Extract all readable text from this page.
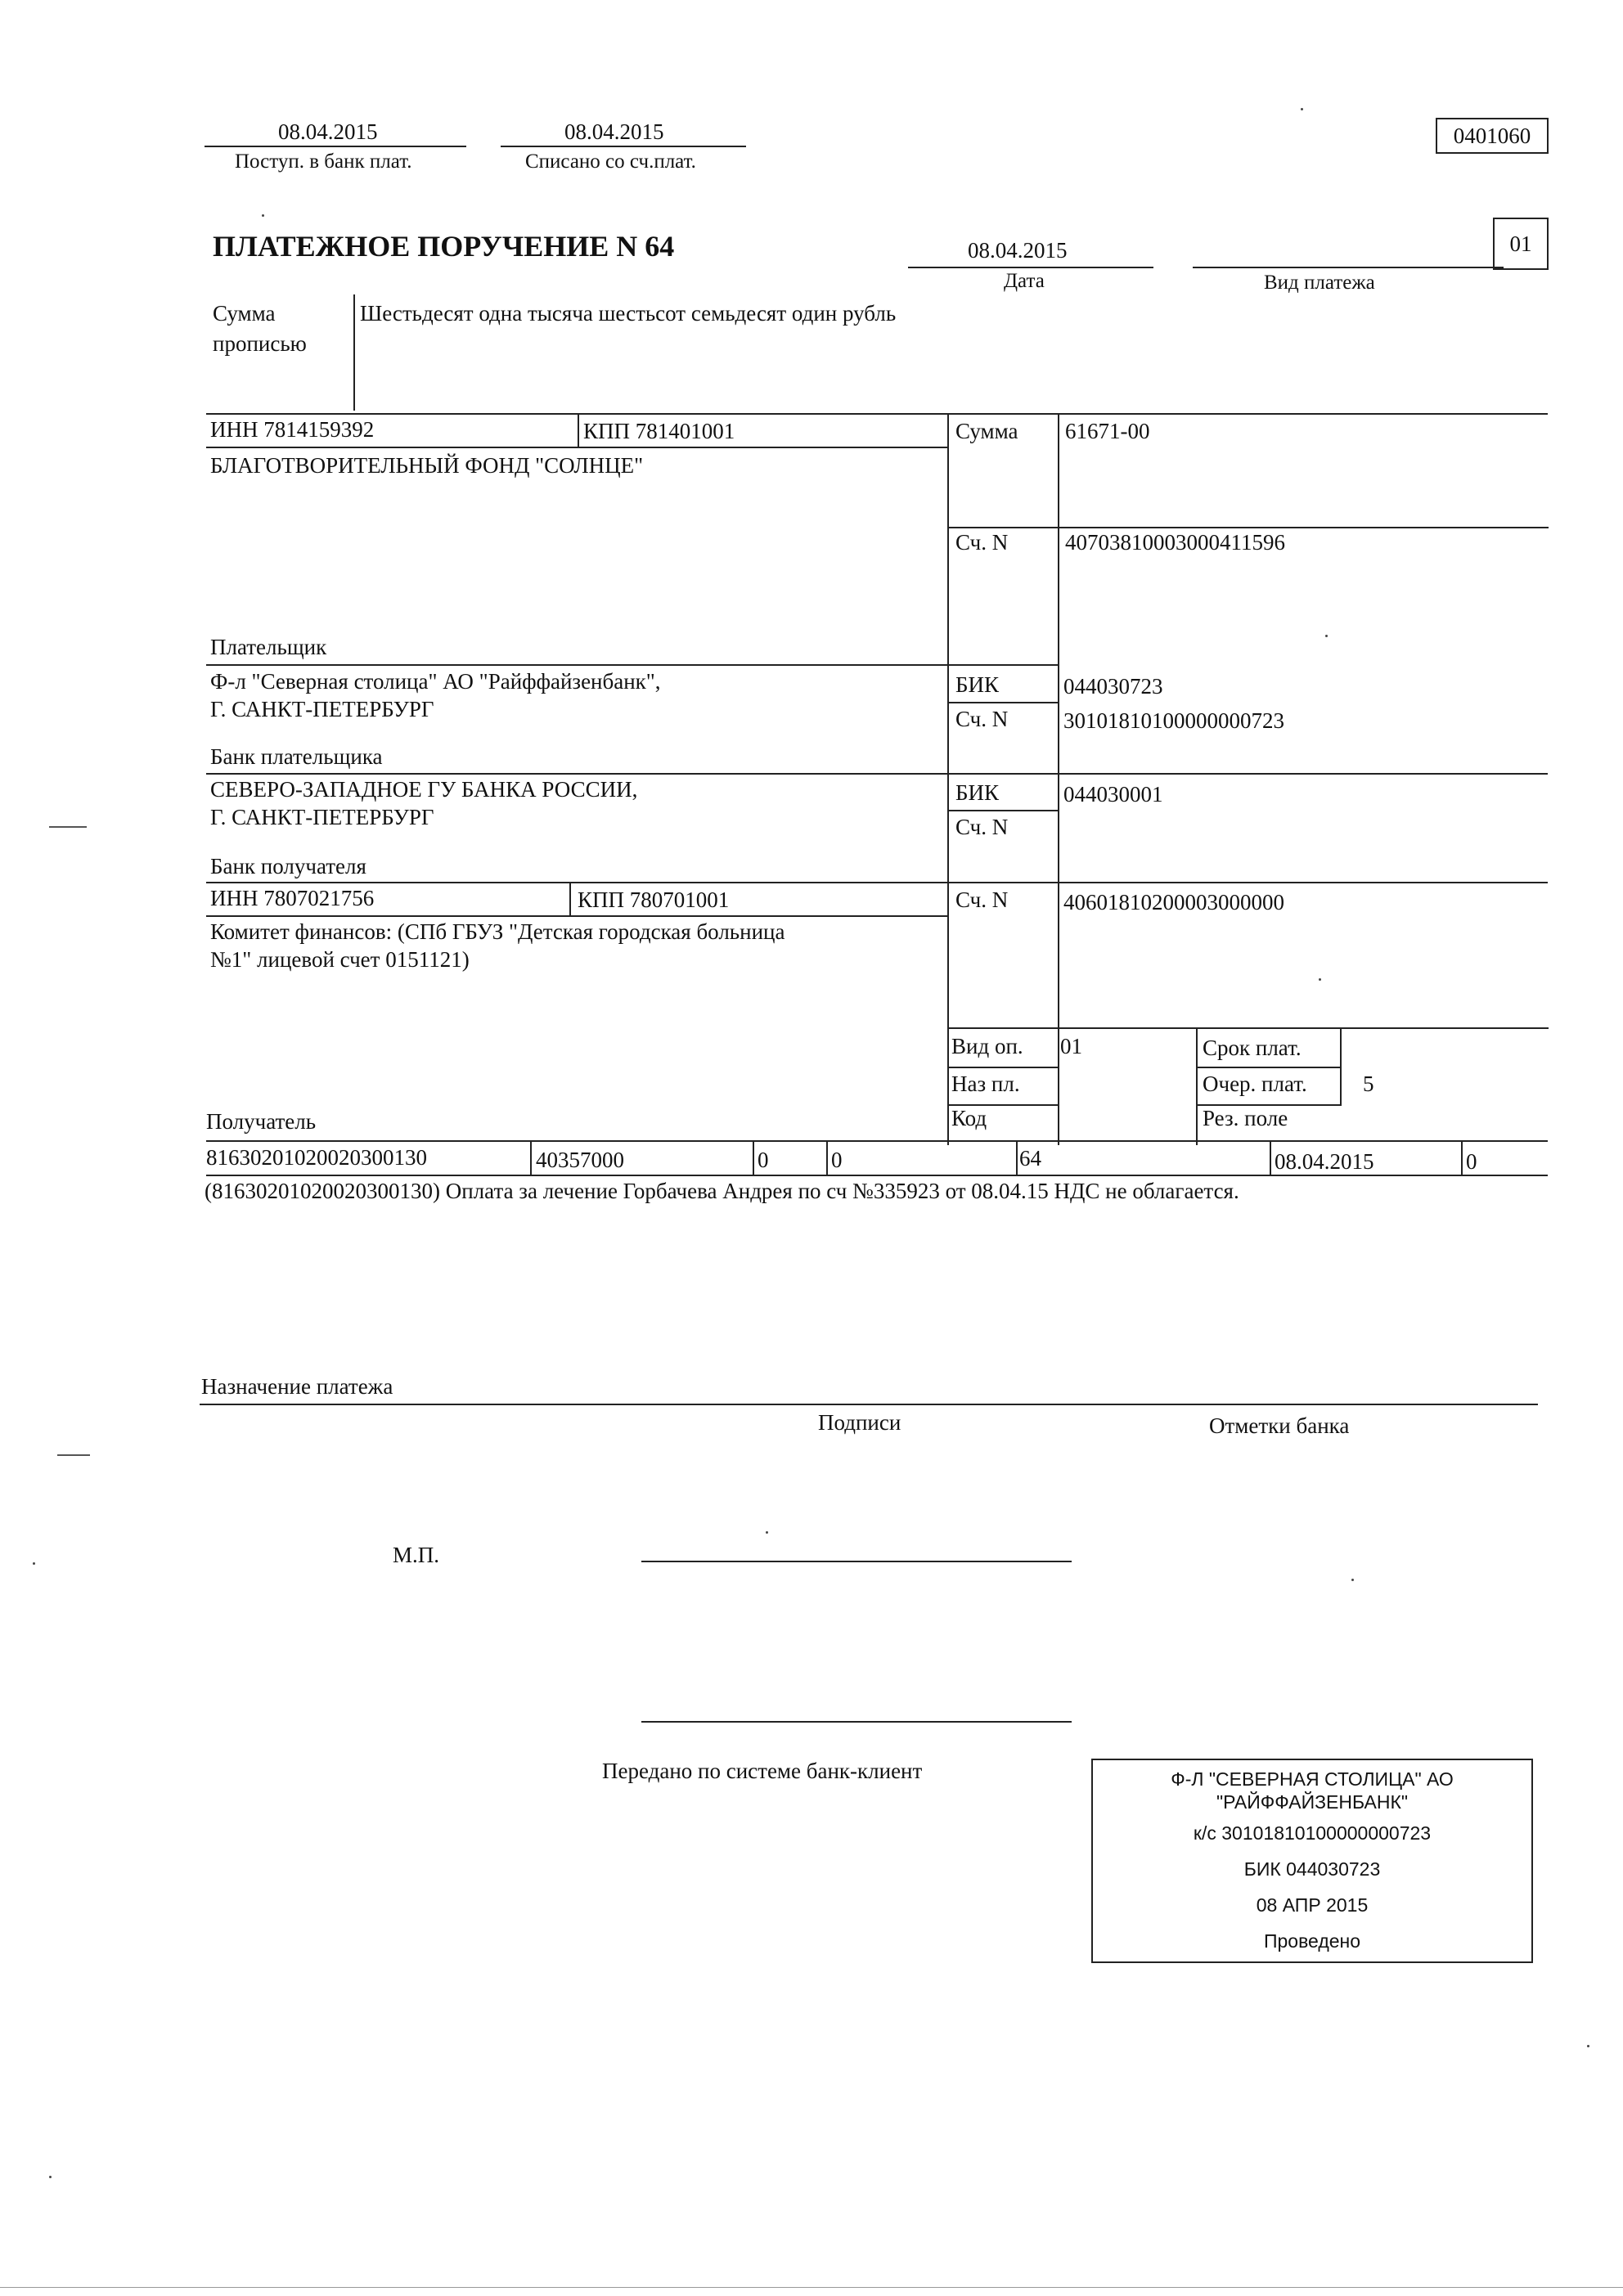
08.04.2015
Поступ. в банк плат.
08.04.2015
Списано со сч.плат.
0401060
ПЛАТЕЖНОЕ ПОРУЧЕНИЕ N 64	08.04.2015
Дата	Вид платежа
01
Сумма
прописью
Шестьдесят одна тысяча шестьсот семьдесят один рубль
ИНН 7814159392	КПП 781401001
БЛАГОТВОРИТЕЛЬНЫЙ ФОНД "СОЛНЦЕ"
Сумма 61671-00
Сч. N	40703810003000411596
Плательщик
Ф-л "Северная столица" АО "Райффайзенбанк",
Г. САНКТ-ПЕТЕРБУРГ
БИК	044030723
Сч. N	30101810100000000723
Банк плательщика
СЕВЕРО-ЗАПАДНОЕ ГУ БАНКА РОССИИ,
Г. САНКТ-ПЕТЕРБУРГ
БИК	044030001
Сч. N
Банк получателя
ИНН 7807021756	КПП 780701001	Сч. N	40601810200003000000
Комитет финансов: (СПб ГБУЗ "Детская городская больница
№1" лицевой счет 0151121)
Вид оп. 01
Наз пл.
Код
Срок плат.
Очер. плат.	5
Рез. поле
Получатель
81630201020020300130	40357000	0	0	64	08.04.2015	0
(81630201020020300130) Оплата за лечение Горбачева Андрея по сч №335923 от 08.04.15 НДС не облагается.
Назначение платежа
Подписи	Отметки банка
М.П.
Передано по системе банк-клиент	Ф-Л "СЕВЕРНАЯ СТОЛИЦА" АО
"РАЙФФАЙЗЕНБАНК"
к/с 30101810100000000723
БИК 044030723
08 АПР 2015
Проведено
